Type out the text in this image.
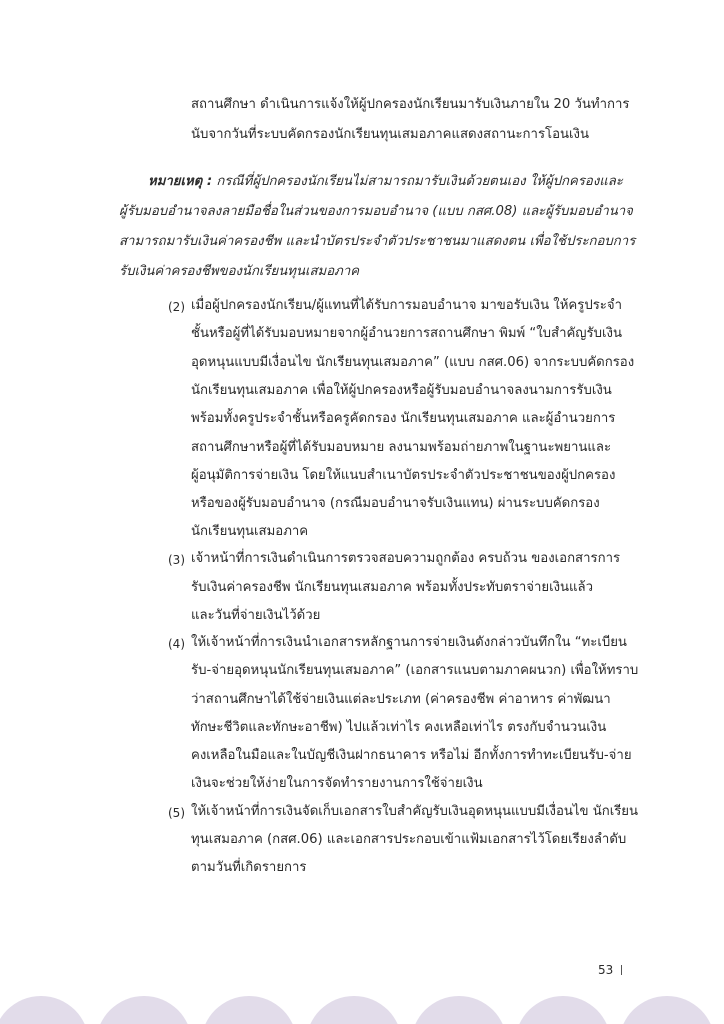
สถานศึกษา ดำเนินการแจ้งให้ผู้ปกครองนักเรียนมารับเงินภายใน 20 วันทำการ
นับจากวันที่ระบบคัดกรองนักเรียนทุนเสมอภาคแสดงสถานะการโอนเงิน
หมายเหตุ : กรณีที่ผู้ปกครองนักเรียนไม่สามารถมารับเงินด้วยตนเอง ให้ผู้ปกครองและ
ผู้รับมอบอำนาจลงลายมือชื่อในส่วนของการมอบอำนาจ (แบบ กสศ.08) และผู้รับมอบอำนาจ
สามารถมารับเงินค่าครองชีพ และนำบัตรประจำตัวประชาชนมาแสดงตน เพื่อใช้ประกอบการ
รับเงินค่าครองชีพของนักเรียนทุนเสมอภาค
(2) เมื่อผู้ปกครองนักเรียน/ผู้แทนที่ได้รับการมอบอำนาจ มาขอรับเงิน ให้ครูประจำ
ชั้นหรือผู้ที่ได้รับมอบหมายจากผู้อำนวยการสถานศึกษา พิมพ์ “ใบสำคัญรับเงิน
อุดหนุนแบบมีเงื่อนไข นักเรียนทุนเสมอภาค” (แบบ กสศ.06) จากระบบคัดกรอง
นักเรียนทุนเสมอภาค เพื่อให้ผู้ปกครองหรือผู้รับมอบอำนาจลงนามการรับเงิน
พร้อมทั้งครูประจำชั้นหรือครูคัดกรอง นักเรียนทุนเสมอภาค และผู้อำนวยการ
สถานศึกษาหรือผู้ที่ได้รับมอบหมาย ลงนามพร้อมถ่ายภาพในฐานะพยานและ
ผู้อนุมัติการจ่ายเงิน โดยให้แนบสำเนาบัตรประจำตัวประชาชนของผู้ปกครอง
หรือของผู้รับมอบอำนาจ (กรณีมอบอำนาจรับเงินแทน) ผ่านระบบคัดกรอง
นักเรียนทุนเสมอภาค
(3) เจ้าหน้าที่การเงินดำเนินการตรวจสอบความถูกต้อง ครบถ้วน ของเอกสารการ
รับเงินค่าครองชีพ นักเรียนทุนเสมอภาค พร้อมทั้งประทับตราจ่ายเงินแล้ว
และวันที่จ่ายเงินไว้ด้วย
(4) ให้เจ้าหน้าที่การเงินนำเอกสารหลักฐานการจ่ายเงินดังกล่าวบันทึกใน “ทะเบียน
รับ-จ่ายอุดหนุนนักเรียนทุนเสมอภาค” (เอกสารแนบตามภาคผนวก) เพื่อให้ทราบ
ว่าสถานศึกษาได้ใช้จ่ายเงินแต่ละประเภท (ค่าครองชีพ ค่าอาหาร ค่าพัฒนา
ทักษะชีวิตและทักษะอาชีพ) ไปแล้วเท่าไร คงเหลือเท่าไร ตรงกับจำนวนเงิน
คงเหลือในมือและในบัญชีเงินฝากธนาคาร หรือไม่ อีกทั้งการทำทะเบียนรับ-จ่าย
เงินจะช่วยให้ง่ายในการจัดทำรายงานการใช้จ่ายเงิน
(5) ให้เจ้าหน้าที่การเงินจัดเก็บเอกสารใบสำคัญรับเงินอุดหนุนแบบมีเงื่อนไข นักเรียน
ทุนเสมอภาค (กสศ.06) และเอกสารประกอบเข้าแฟ้มเอกสารไว้โดยเรียงลำดับ
ตามวันที่เกิดรายการ
53
